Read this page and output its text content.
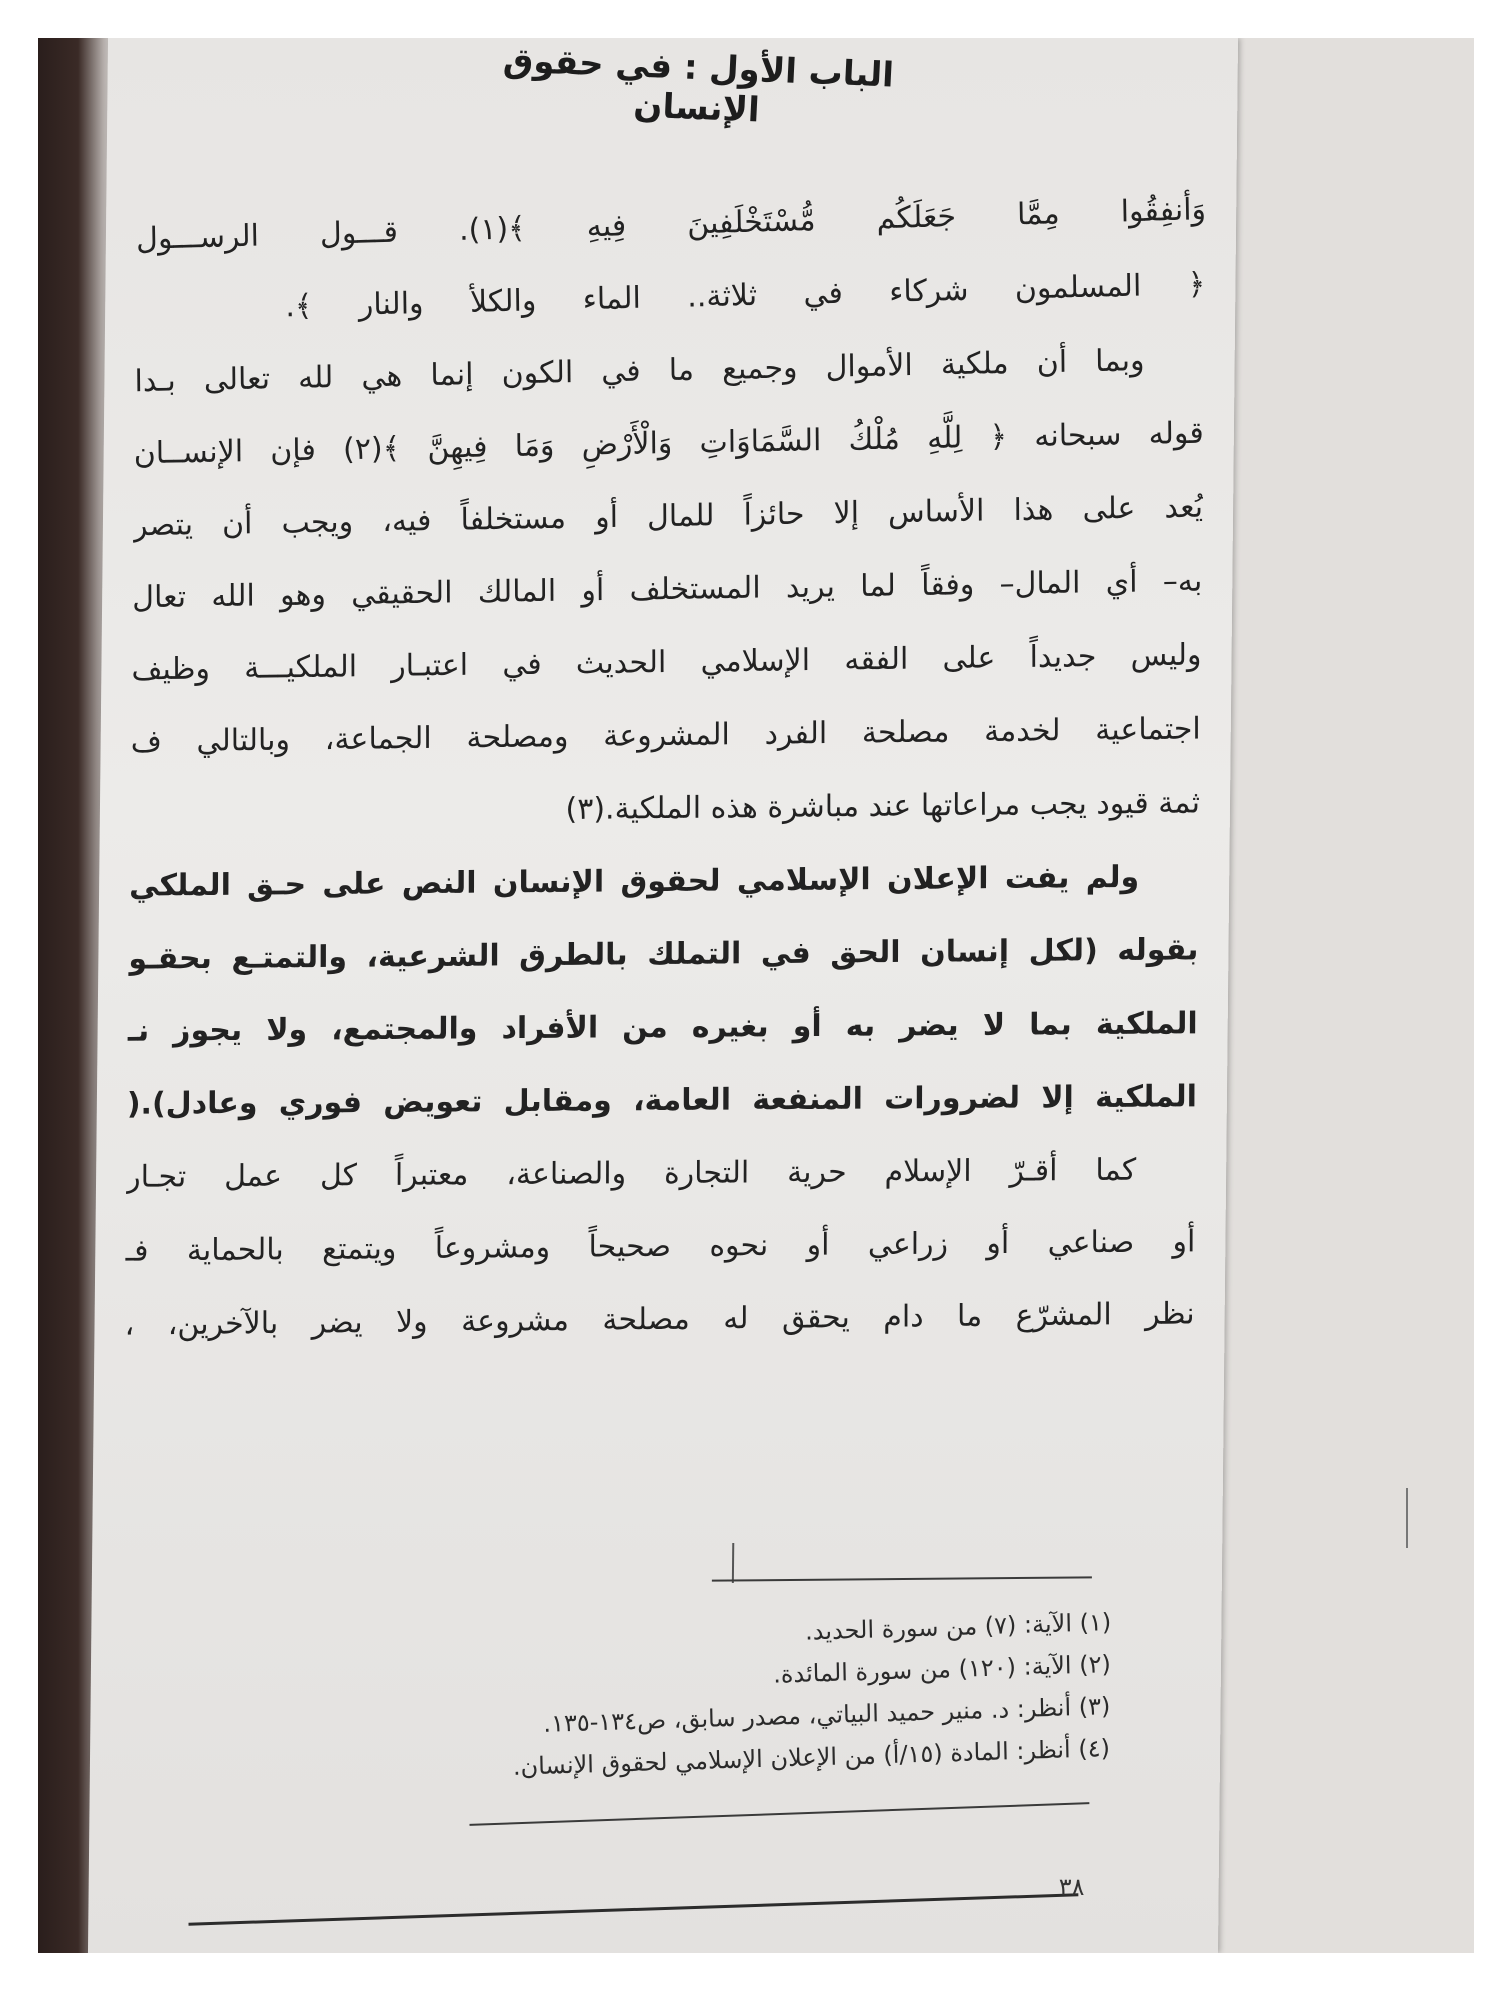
الباب الأول : في حقوق الإنسان
وَأنفِقُوا مِمَّا جَعَلَكُم مُّسْتَخْلَفِينَ فِيهِ ﴾(١). قـــول الرســـول
﴿ المسلمون شركاء في ثلاثة.. الماء والكلأ والنار ﴾.
وبما أن ملكية الأموال وجميع ما في الكون إنما هي لله تعالى بـدا
قوله سبحانه ﴿ لِلَّهِ مُلْكُ السَّمَاوَاتِ وَالْأَرْضِ وَمَا فِيهِنَّ ﴾(٢) فإن الإنســان
يُعد على هذا الأساس إلا حائزاً للمال أو مستخلفاً فيه، ويجب أن يتصر
به– أي المال– وفقاً لما يريد المستخلف أو المالك الحقيقي وهو الله تعال
وليس جديداً على الفقه الإسلامي الحديث في اعتبـار الملكيـــة وظيف
اجتماعية لخدمة مصلحة الفرد المشروعة ومصلحة الجماعة، وبالتالي ف
ثمة قيود يجب مراعاتها عند مباشرة هذه الملكية.(٣)
ولم يفت الإعلان الإسلامي لحقوق الإنسان النص على حـق الملكي
بقوله (لكل إنسان الحق في التملك بالطرق الشرعية، والتمتـع بحقـو
الملكية بما لا يضر به أو بغيره من الأفراد والمجتمع، ولا يجوز نـ
الملكية إلا لضرورات المنفعة العامة، ومقابل تعويض فوري وعادل).(
كما أقـرّ الإسلام حرية التجارة والصناعة، معتبراً كل عمل تجـار
أو صناعي أو زراعي أو نحوه صحيحاً ومشروعاً ويتمتع بالحماية فـ
نظر المشرّع ما دام يحقق له مصلحة مشروعة ولا يضر بالآخرين، ،
(١) الآية: (٧) من سورة الحديد.
(٢) الآية: (١٢٠) من سورة المائدة.
(٣) أنظر: د. منير حميد البياتي، مصدر سابق، ص١٣٤-١٣٥.
(٤) أنظر: المادة (١٥/أ) من الإعلان الإسلامي لحقوق الإنسان.
٣٨
